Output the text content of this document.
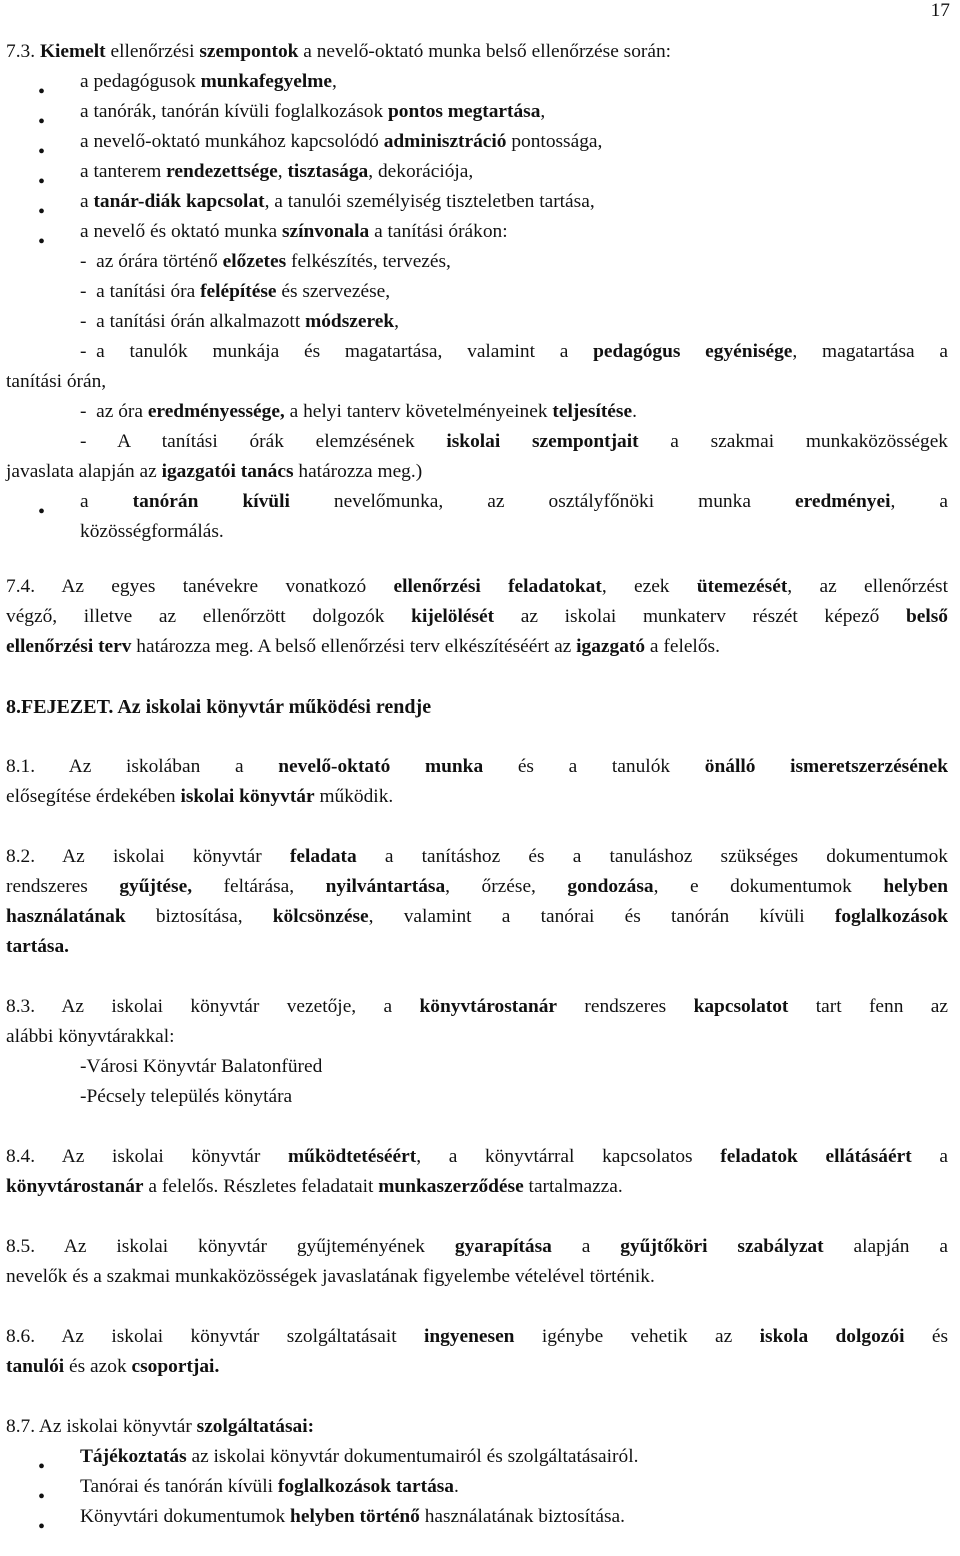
17
7.3. Kiemelt ellenőrzési szempontok a nevelő-oktató munka belső ellenőrzése során:
•	a pedagógusok munkafegyelme,
•	a tanórák, tanórán kívüli foglalkozások pontos megtartása,
•	a nevelő-oktató munkához kapcsolódó adminisztráció pontossága,
•	a tanterem rendezettsége, tisztasága, dekorációja,
•	a tanár-diák kapcsolat, a tanulói személyiség tiszteletben tartása,
•	a nevelő és oktató munka színvonala a tanítási órákon:
- az órára történő előzetes felkészítés, tervezés,
- a tanítási óra felépítése és szervezése,
- a tanítási órán alkalmazott módszerek,
- a tanulók munkája és magatartása, valamint a pedagógus egyénisége, magatartása a
tanítási órán,
- az óra eredményessége, a helyi tanterv követelményeinek teljesítése.
- A tanítási órák elemzésének iskolai szempontjait a szakmai munkaközösségek
javaslata alapján az igazgatói tanács határozza meg.)
•	a tanórán kívüli nevelőmunka, az osztályfőnöki munka eredményei, a
közösségformálás.
7.4. Az egyes tanévekre vonatkozó ellenőrzési feladatokat, ezek ütemezését, az ellenőrzést
végző, illetve az ellenőrzött dolgozók kijelölését az iskolai munkaterv részét képező belső
ellenőrzési terv határozza meg. A belső ellenőrzési terv elkészítéséért az igazgató a felelős.
8.FEJEZET. Az iskolai könyvtár működési rendje
8.1. Az iskolában a nevelő-oktató munka és a tanulók önálló ismeretszerzésének
elősegítése érdekében iskolai könyvtár működik.
8.2. Az iskolai könyvtár feladata a tanításhoz és a tanuláshoz szükséges dokumentumok
rendszeres gyűjtése, feltárása, nyilvántartása, őrzése, gondozása, e dokumentumok helyben
használatának biztosítása, kölcsönzése, valamint a tanórai és tanórán kívüli foglalkozások
tartása.
8.3. Az iskolai könyvtár vezetője, a könyvtárostanár rendszeres kapcsolatot tart fenn az
alábbi könyvtárakkal:
-Városi Könyvtár Balatonfüred
-Pécsely település könytára
8.4. Az iskolai könyvtár működtetéséért, a könyvtárral kapcsolatos feladatok ellátásáért a
könyvtárostanár a felelős. Részletes feladatait munkaszerződése tartalmazza.
8.5. Az iskolai könyvtár gyűjteményének gyarapítása a gyűjtőköri szabályzat alapján a
nevelők és a szakmai munkaközösségek javaslatának figyelembe vételével történik.
8.6. Az iskolai könyvtár szolgáltatásait ingyenesen igénybe vehetik az iskola dolgozói és
tanulói és azok csoportjai.
8.7. Az iskolai könyvtár szolgáltatásai:
•	Tájékoztatás az iskolai könyvtár dokumentumairól és szolgáltatásairól.
•	Tanórai és tanórán kívüli foglalkozások tartása.
•	Könyvtári dokumentumok helyben történő használatának biztosítása.
